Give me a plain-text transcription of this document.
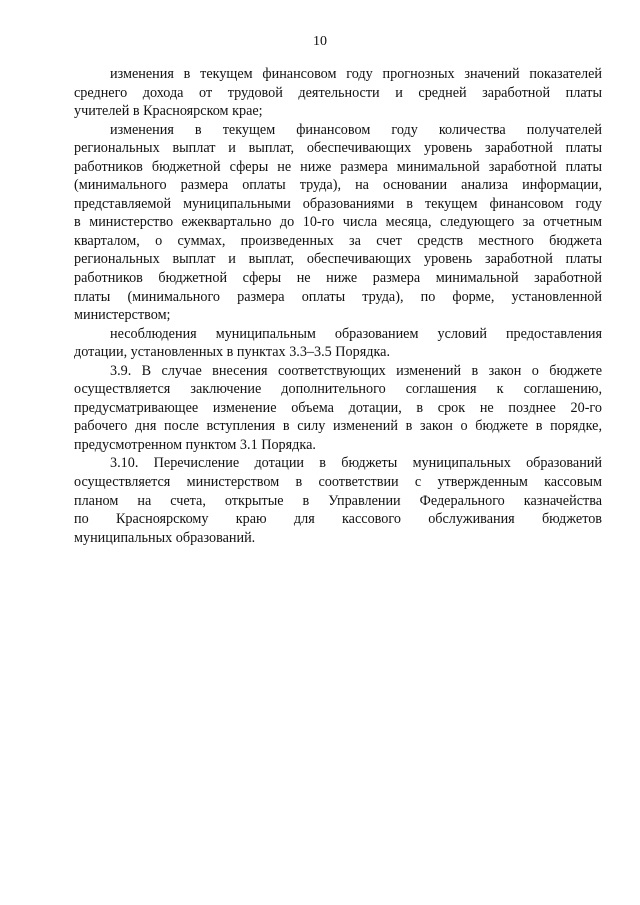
10
изменения в текущем финансовом году прогнозных значений показателей
среднего дохода от трудовой деятельности и средней заработной платы
учителей в Красноярском крае;
изменения в текущем финансовом году количества получателей
региональных выплат и выплат, обеспечивающих уровень заработной платы
работников бюджетной сферы не ниже размера минимальной заработной платы
(минимального размера оплаты труда), на основании анализа информации,
представляемой муниципальными образованиями в текущем финансовом году
в министерство ежеквартально до 10-го числа месяца, следующего за отчетным
кварталом, о суммах, произведенных за счет средств местного бюджета
региональных выплат и выплат, обеспечивающих уровень заработной платы
работников бюджетной сферы не ниже размера минимальной заработной
платы (минимального размера оплаты труда), по форме, установленной
министерством;
несоблюдения муниципальным образованием условий предоставления
дотации, установленных в пунктах 3.3–3.5 Порядка.
3.9. В случае внесения соответствующих изменений в закон о бюджете
осуществляется заключение дополнительного соглашения к соглашению,
предусматривающее изменение объема дотации, в срок не позднее 20-го
рабочего дня после вступления в силу изменений в закон о бюджете в порядке,
предусмотренном пунктом 3.1 Порядка.
3.10. Перечисление дотации в бюджеты муниципальных образований
осуществляется министерством в соответствии с утвержденным кассовым
планом на счета, открытые в Управлении Федерального казначейства
по Красноярскому краю для кассового обслуживания бюджетов
муниципальных образований.
